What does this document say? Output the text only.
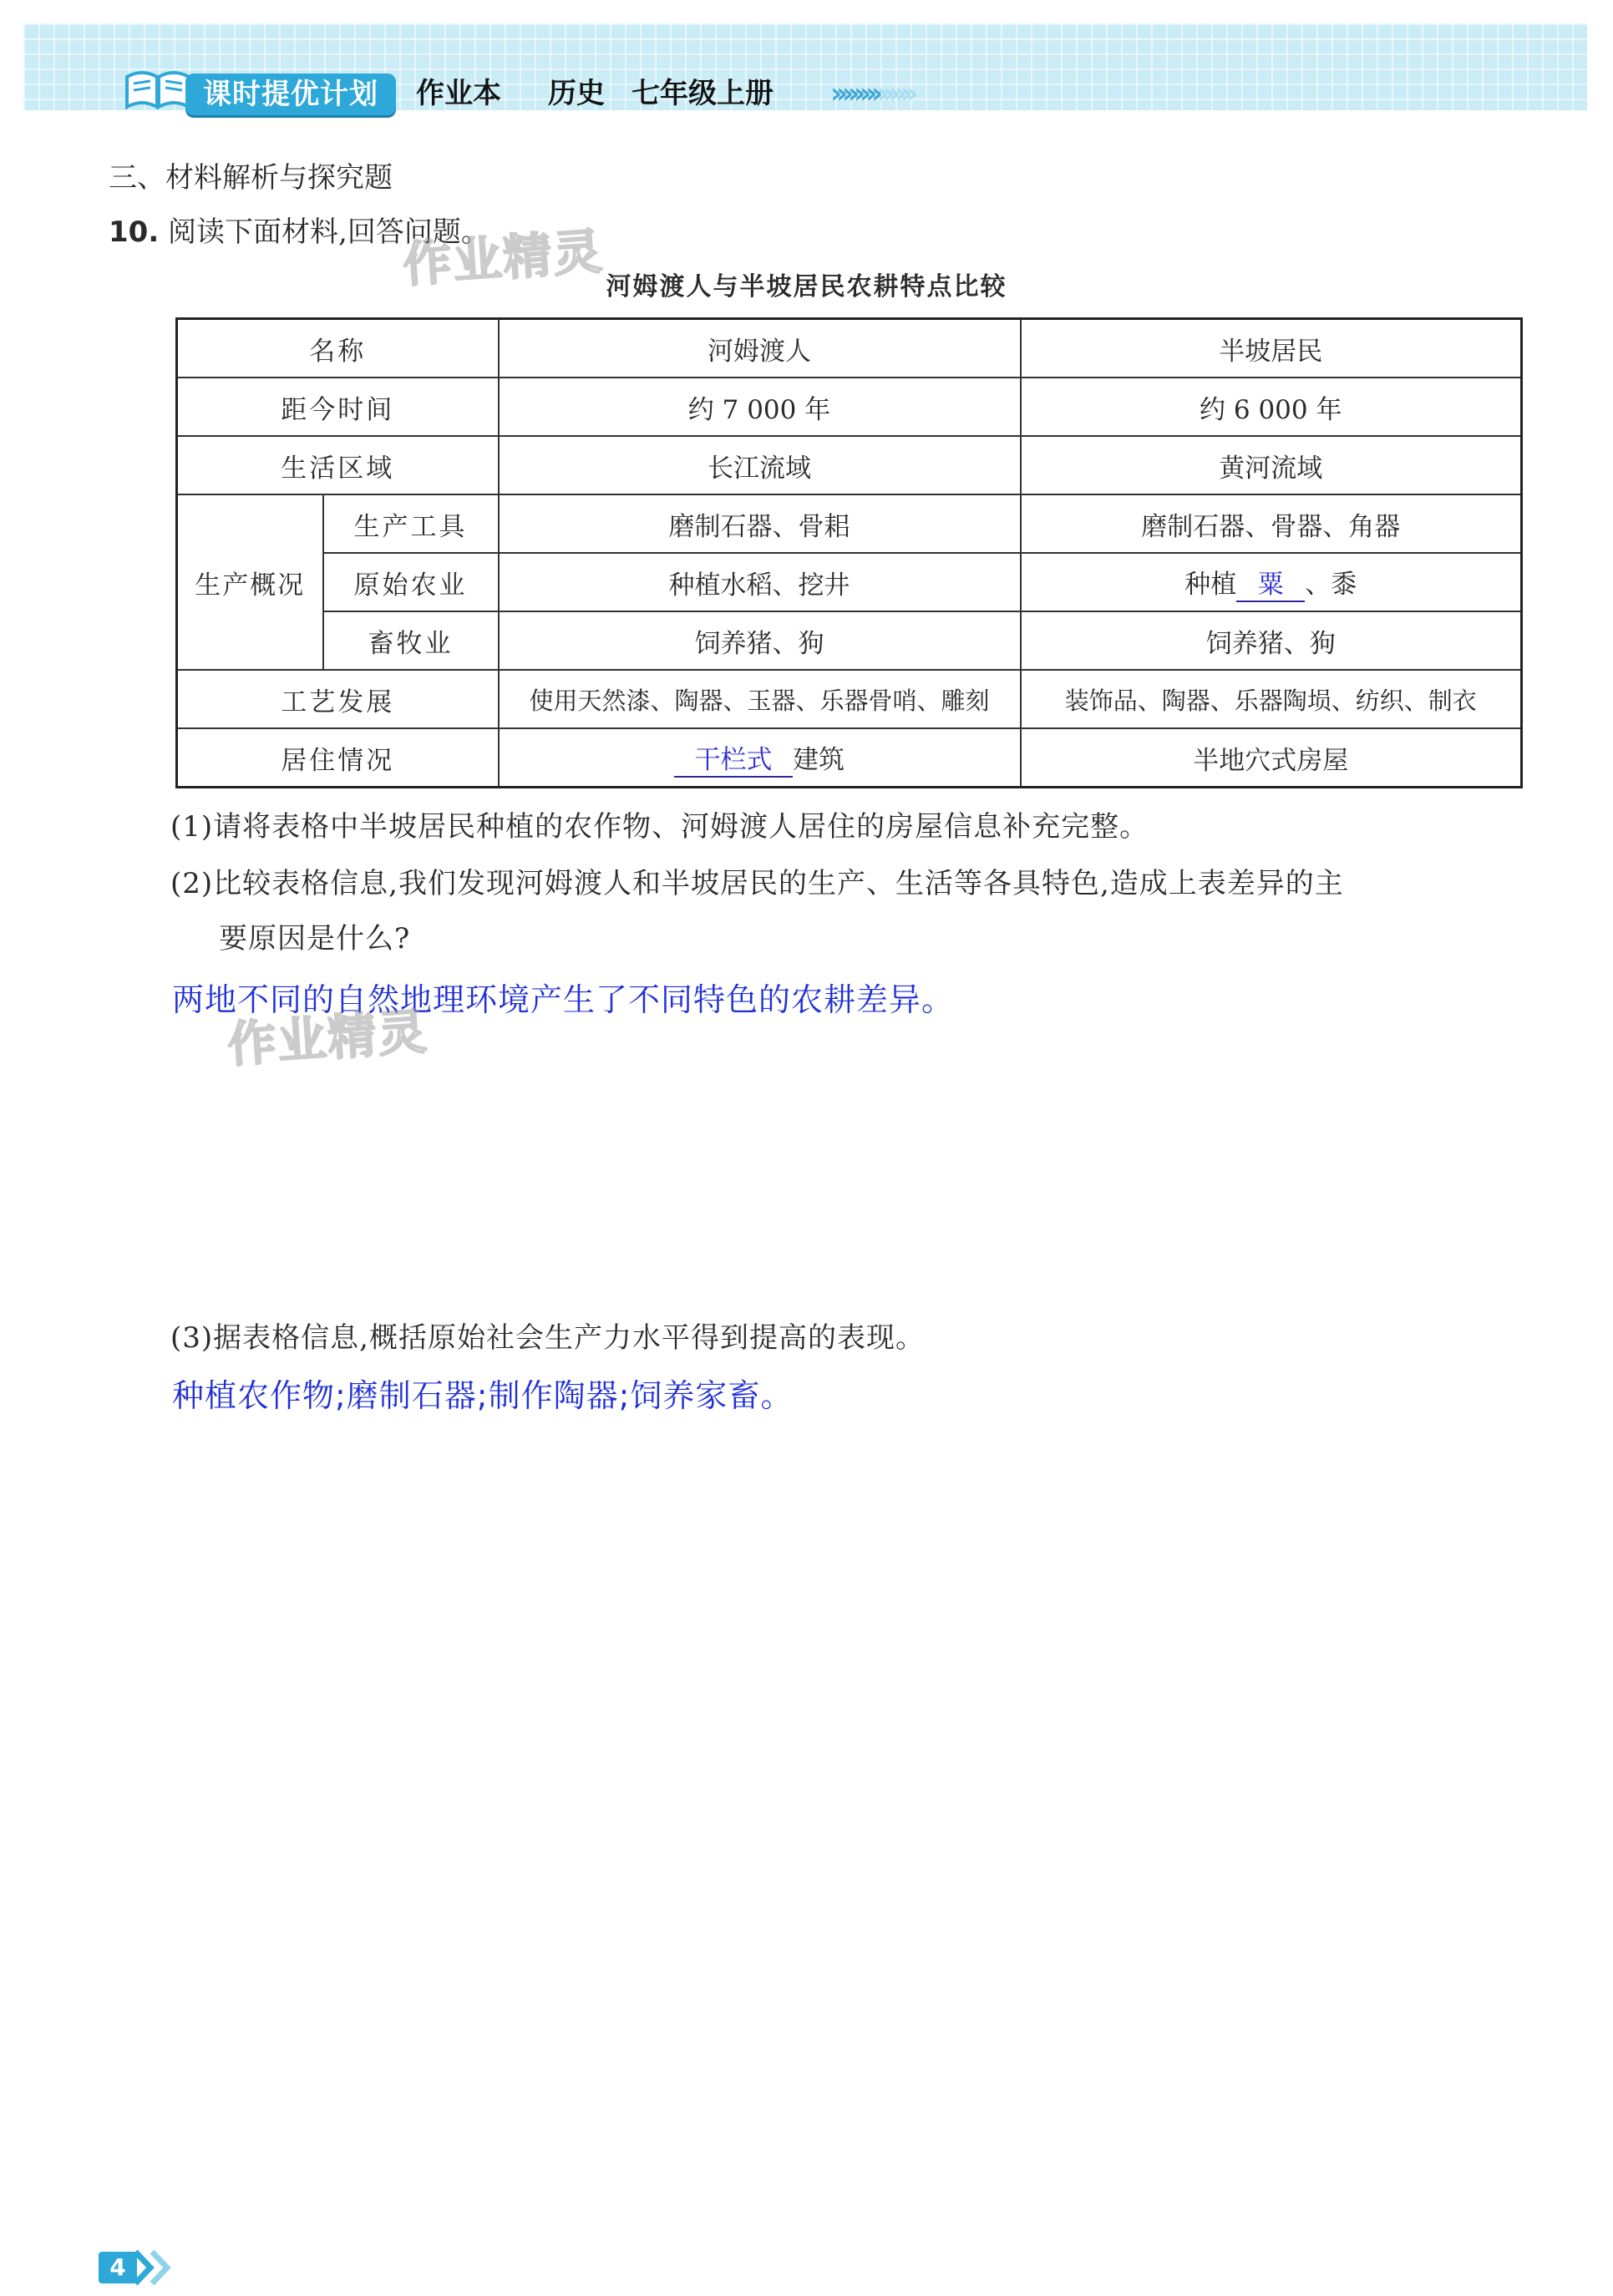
课时提优计划	作业本 历史 七年级上册 ››››››››››››››
三、材料解析与探究题
10. 阅读下面材料,回答问题。
作业精灵 河姆渡人与半坡居民农耕特点比较
名称		河姆渡人	半坡居民
距今时间		约 7 000 年	约 6 000 年
生活区域		长江流域	黄河流域
生产概况	生产工具	磨制石器、骨耜	磨制石器、骨器、角器
	原始农业	种植水稻、挖井	种植 粟 、黍
	畜牧业	饲养猪、狗	饲养猪、狗
工艺发展		使用天然漆、陶器、玉器、乐器骨哨、雕刻	装饰品、陶器、乐器陶埙、纺织、制衣
居住情况		干栏式 建筑	半地穴式房屋
(1)请将表格中半坡居民种植的农作物、河姆渡人居住的房屋信息补充完整。
(2)比较表格信息,我们发现河姆渡人和半坡居民的生产、生活等各具特色,造成上表差异的主
要原因是什么?
两地不同的自然地理环境产生了不同特色的农耕差异。
作业精灵
(3)据表格信息,概括原始社会生产力水平得到提高的表现。
种植农作物;磨制石器;制作陶器;饲养家畜。
4
